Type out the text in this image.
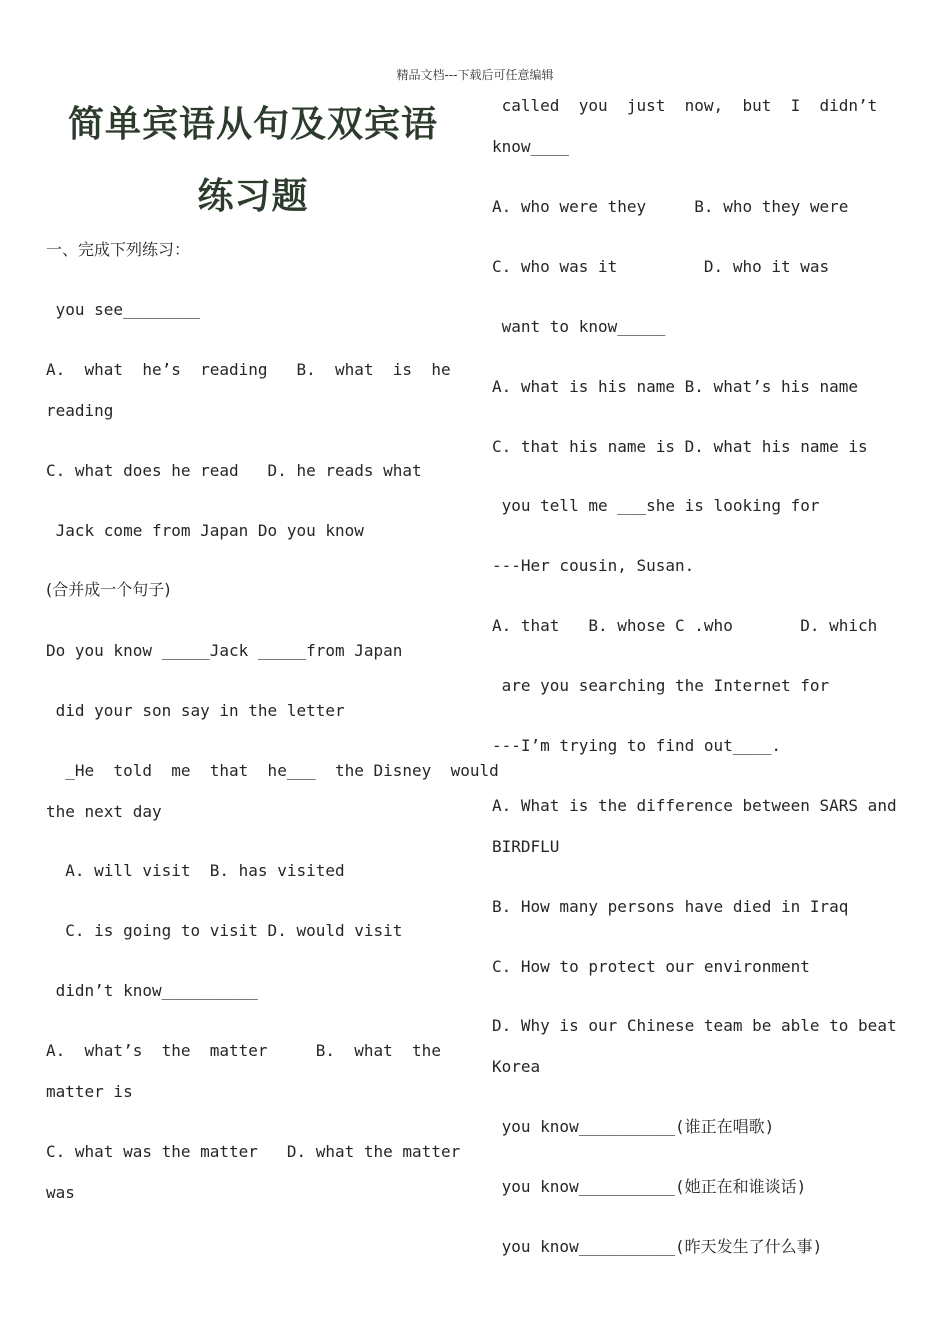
精品文档---下载后可任意编辑
简单宾语从句及双宾语
练习题
一、完成下列练习：
you see________
A.  what  he’s  reading   B.  what  is  he
reading
C. what does he read   D. he reads what
Jack come from Japan Do you know
(合并成一个句子)
Do you know _____Jack _____from Japan
did your son say in the letter
_He  told  me  that  he___  the Disney  would
the next day
A. will visit  B. has visited
C. is going to visit D. would visit
didn’t know__________
A.  what’s  the  matter     B.  what  the
matter is
C. what was the matter   D. what the matter
was
called  you  just  now,  but  I  didn’t
know____
A. who were they     B. who they were
C. who was it         D. who it was
want to know_____
A. what is his name B. what’s his name
C. that his name is D. what his name is
you tell me ___she is looking for
---Her cousin, Susan.
A. that   B. whose C .who       D. which
are you searching the Internet for
---I’m trying to find out____.
A. What is the difference between SARS and
BIRDFLU
B. How many persons have died in Iraq
C. How to protect our environment
D. Why is our Chinese team be able to beat
Korea
you know__________(谁正在唱歌)
you know__________(她正在和谁谈话)
you know__________(昨天发生了什么事)
